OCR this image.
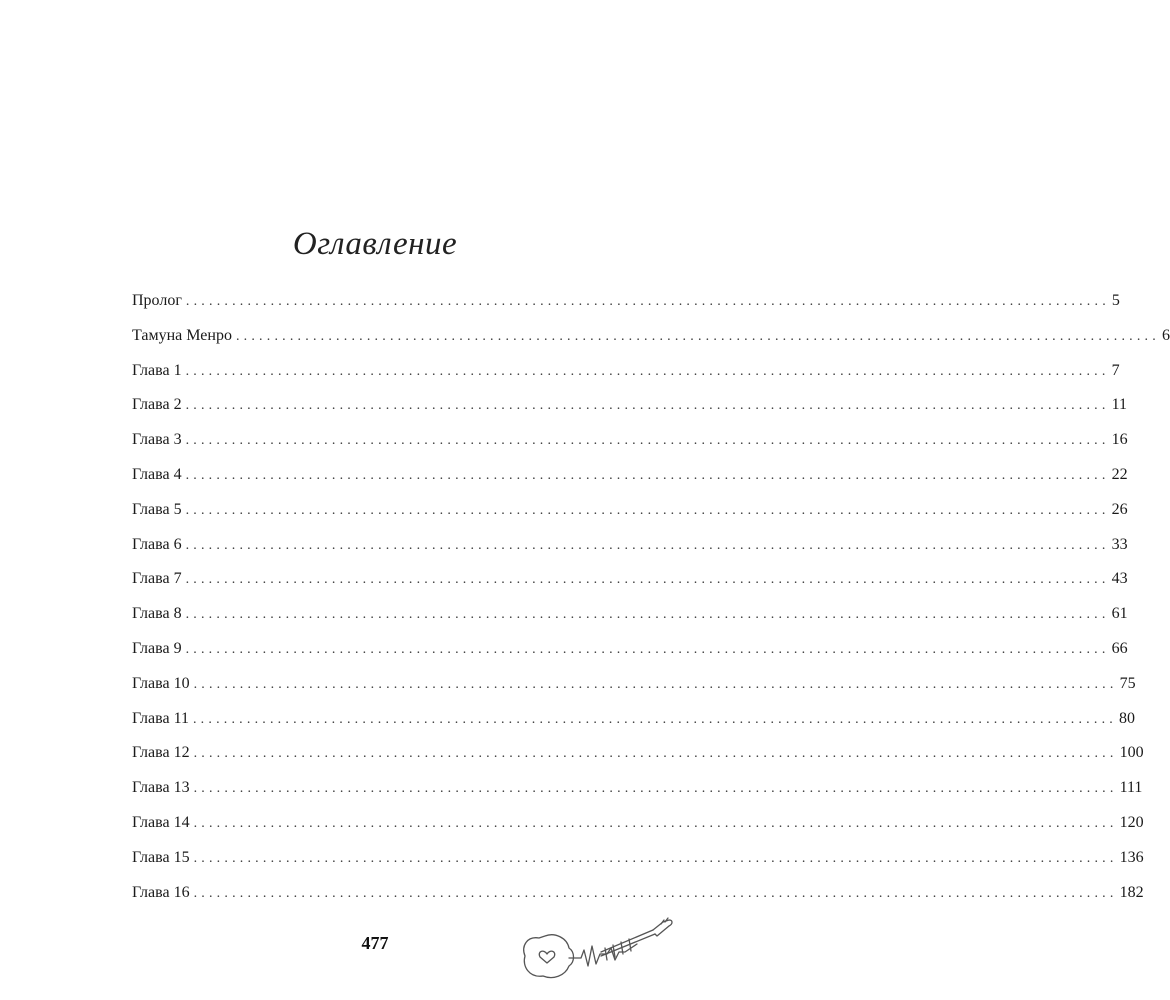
Оглавление
Пролог ........................................................................................................................ 5
Тамуна Менро ........................................................................................................................ 6
Глава 1 ........................................................................................................................ 7
Глава 2 ........................................................................................................................ 11
Глава 3 ........................................................................................................................ 16
Глава 4 ........................................................................................................................ 22
Глава 5 ........................................................................................................................ 26
Глава 6 ........................................................................................................................ 33
Глава 7 ........................................................................................................................ 43
Глава 8 ........................................................................................................................ 61
Глава 9 ........................................................................................................................ 66
Глава 10 ........................................................................................................................ 75
Глава 11 ........................................................................................................................ 80
Глава 12 ........................................................................................................................ 100
Глава 13 ........................................................................................................................ 111
Глава 14 ........................................................................................................................ 120
Глава 15 ........................................................................................................................ 136
Глава 16 ........................................................................................................................ 182
477
